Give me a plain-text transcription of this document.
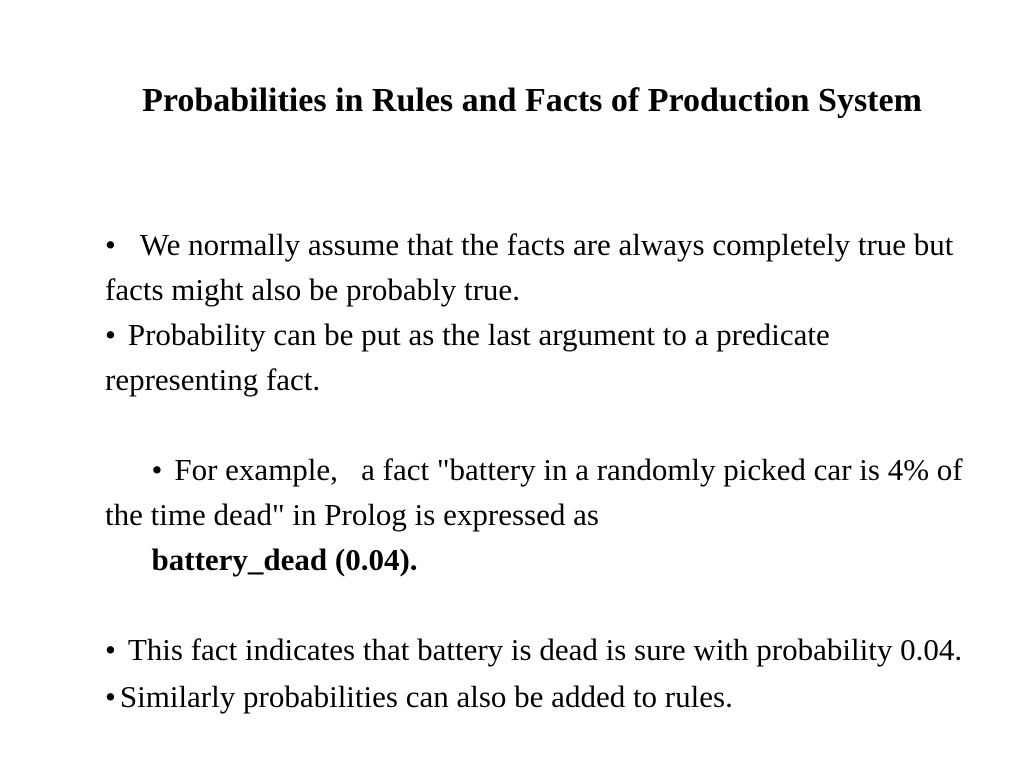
Probabilities in Rules and Facts of Production System

• We normally assume that the facts are always completely true but facts might also be probably true.

• Probability can be put as the last argument to a predicate representing fact.

• For example,   a fact "battery in a randomly picked car is 4% of the time dead" in Prolog is expressed as
battery_dead (0.04).

• This fact indicates that battery is dead is sure with probability 0.04.

• Similarly probabilities can also be added to rules.
